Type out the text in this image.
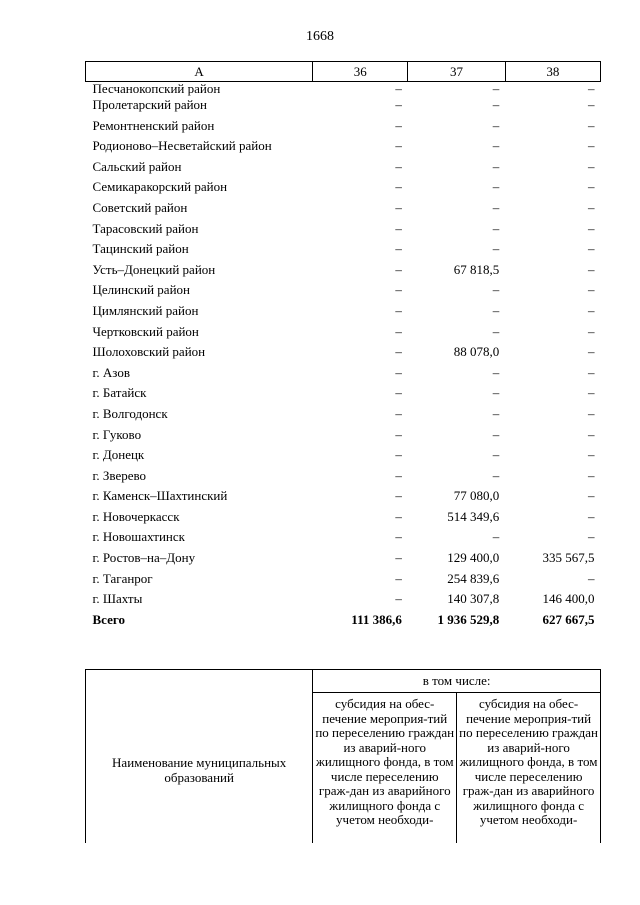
1668
А	36	37	38
Песчанокопский район	–	–	–
Пролетарский район	–	–	–
Ремонтненский район	–	–	–
Родионово–Несветайский район	–	–	–
Сальский район	–	–	–
Семикаракорский район	–	–	–
Советский район	–	–	–
Тарасовский район	–	–	–
Тацинский район	–	–	–
Усть–Донецкий район	–	67 818,5	–
Целинский район	–	–	–
Цимлянский район	–	–	–
Чертковский район	–	–	–
Шолоховский район	–	88 078,0	–
г. Азов	–	–	–
г. Батайск	–	–	–
г. Волгодонск	–	–	–
г. Гуково	–	–	–
г. Донецк	–	–	–
г. Зверево	–	–	–
г. Каменск–Шахтинский	–	77 080,0	–
г. Новочеркасск	–	514 349,6	–
г. Новошахтинск	–	–	–
г. Ростов–на–Дону	–	129 400,0	335 567,5
г. Таганрог	–	254 839,6	–
г. Шахты	–	140 307,8	146 400,0
Всего	111 386,6	1 936 529,8	627 667,5
Наименование муниципальных образований	в том числе:	

	субсидия на обес-печение мероприя-тий по переселению граждан из аварий-ного жилищного фонда, в том числе переселению граж-дан из аварийного жилищного фонда с учетом необходи-	субсидия на обес-печение мероприя-тий по переселению граждан из аварий-ного жилищного фонда, в том числе переселению граж-дан из аварийного жилищного фонда с учетом необходи-
